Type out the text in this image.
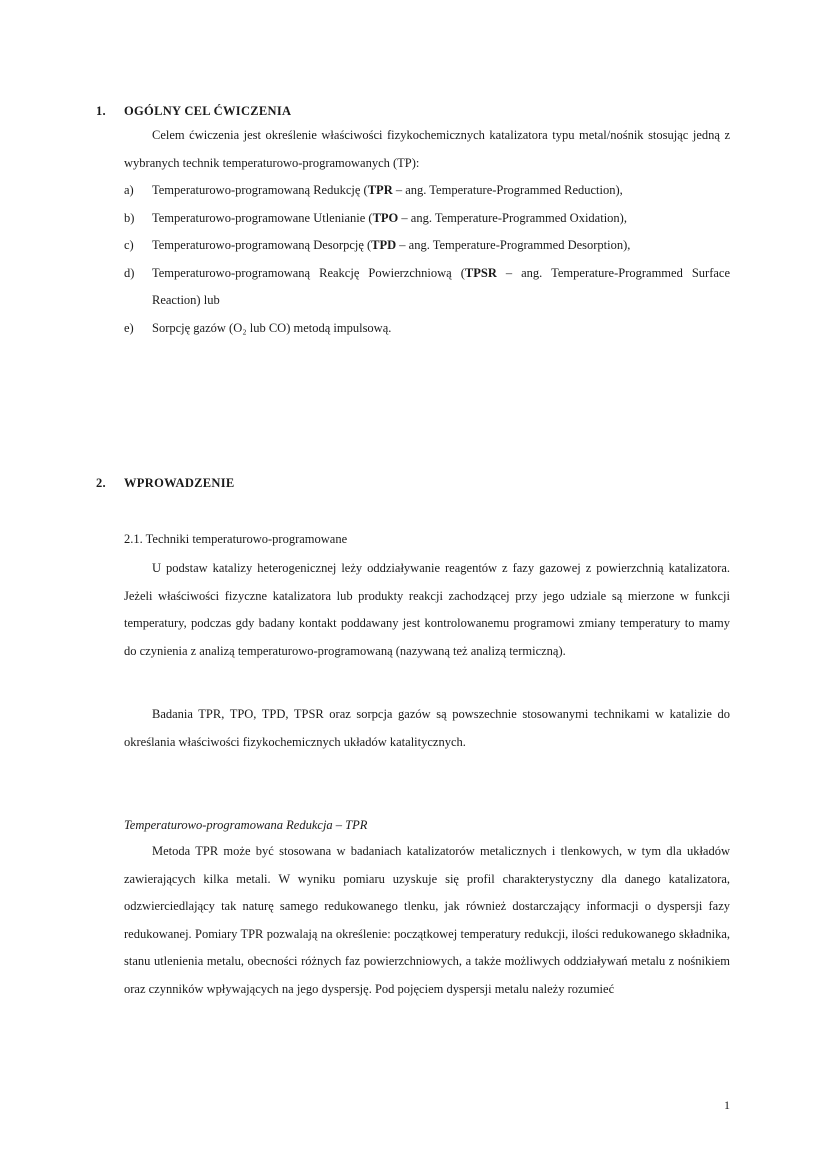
1. OGÓLNY CEL ĆWICZENIA
Celem ćwiczenia jest określenie właściwości fizykochemicznych katalizatora typu metal/nośnik stosując jedną z wybranych technik temperaturowo-programowanych (TP):
a) Temperaturowo-programowaną Redukcję (TPR – ang. Temperature-Programmed Reduction),
b) Temperaturowo-programowane Utlenianie (TPO – ang. Temperature-Programmed Oxidation),
c) Temperaturowo-programowaną Desorpcję (TPD – ang. Temperature-Programmed Desorption),
d) Temperaturowo-programowaną Reakcję Powierzchniową (TPSR – ang. Temperature-Programmed Surface Reaction) lub
e) Sorpcję gazów (O₂ lub CO) metodą impulsową.
2. WPROWADZENIE
2.1. Techniki temperaturowo-programowane
U podstaw katalizy heterogenicznej leży oddziaływanie reagentów z fazy gazowej z powierzchnią katalizatora. Jeżeli właściwości fizyczne katalizatora lub produkty reakcji zachodzącej przy jego udziale są mierzone w funkcji temperatury, podczas gdy badany kontakt poddawany jest kontrolowanemu programowi zmiany temperatury to mamy do czynienia z analizą temperaturowo-programowaną (nazywaną też analizą termiczną).
Badania TPR, TPO, TPD, TPSR oraz sorpcja gazów są powszechnie stosowanymi technikami w katalizie do określania właściwości fizykochemicznych układów katalitycznych.
Temperaturowo-programowana Redukcja – TPR
Metoda TPR może być stosowana w badaniach katalizatorów metalicznych i tlenkowych, w tym dla układów zawierających kilka metali. W wyniku pomiaru uzyskuje się profil charakterystyczny dla danego katalizatora, odzwierciedlający tak naturę samego redukowanego tlenku, jak również dostarczający informacji o dyspersji fazy redukowanej. Pomiary TPR pozwalają na określenie: początkowej temperatury redukcji, ilości redukowanego składnika, stanu utlenienia metalu, obecności różnych faz powierzchniowych, a także możliwych oddziaływań metalu z nośnikiem oraz czynników wpływających na jego dyspersję. Pod pojęciem dyspersji metalu należy rozumieć
1
